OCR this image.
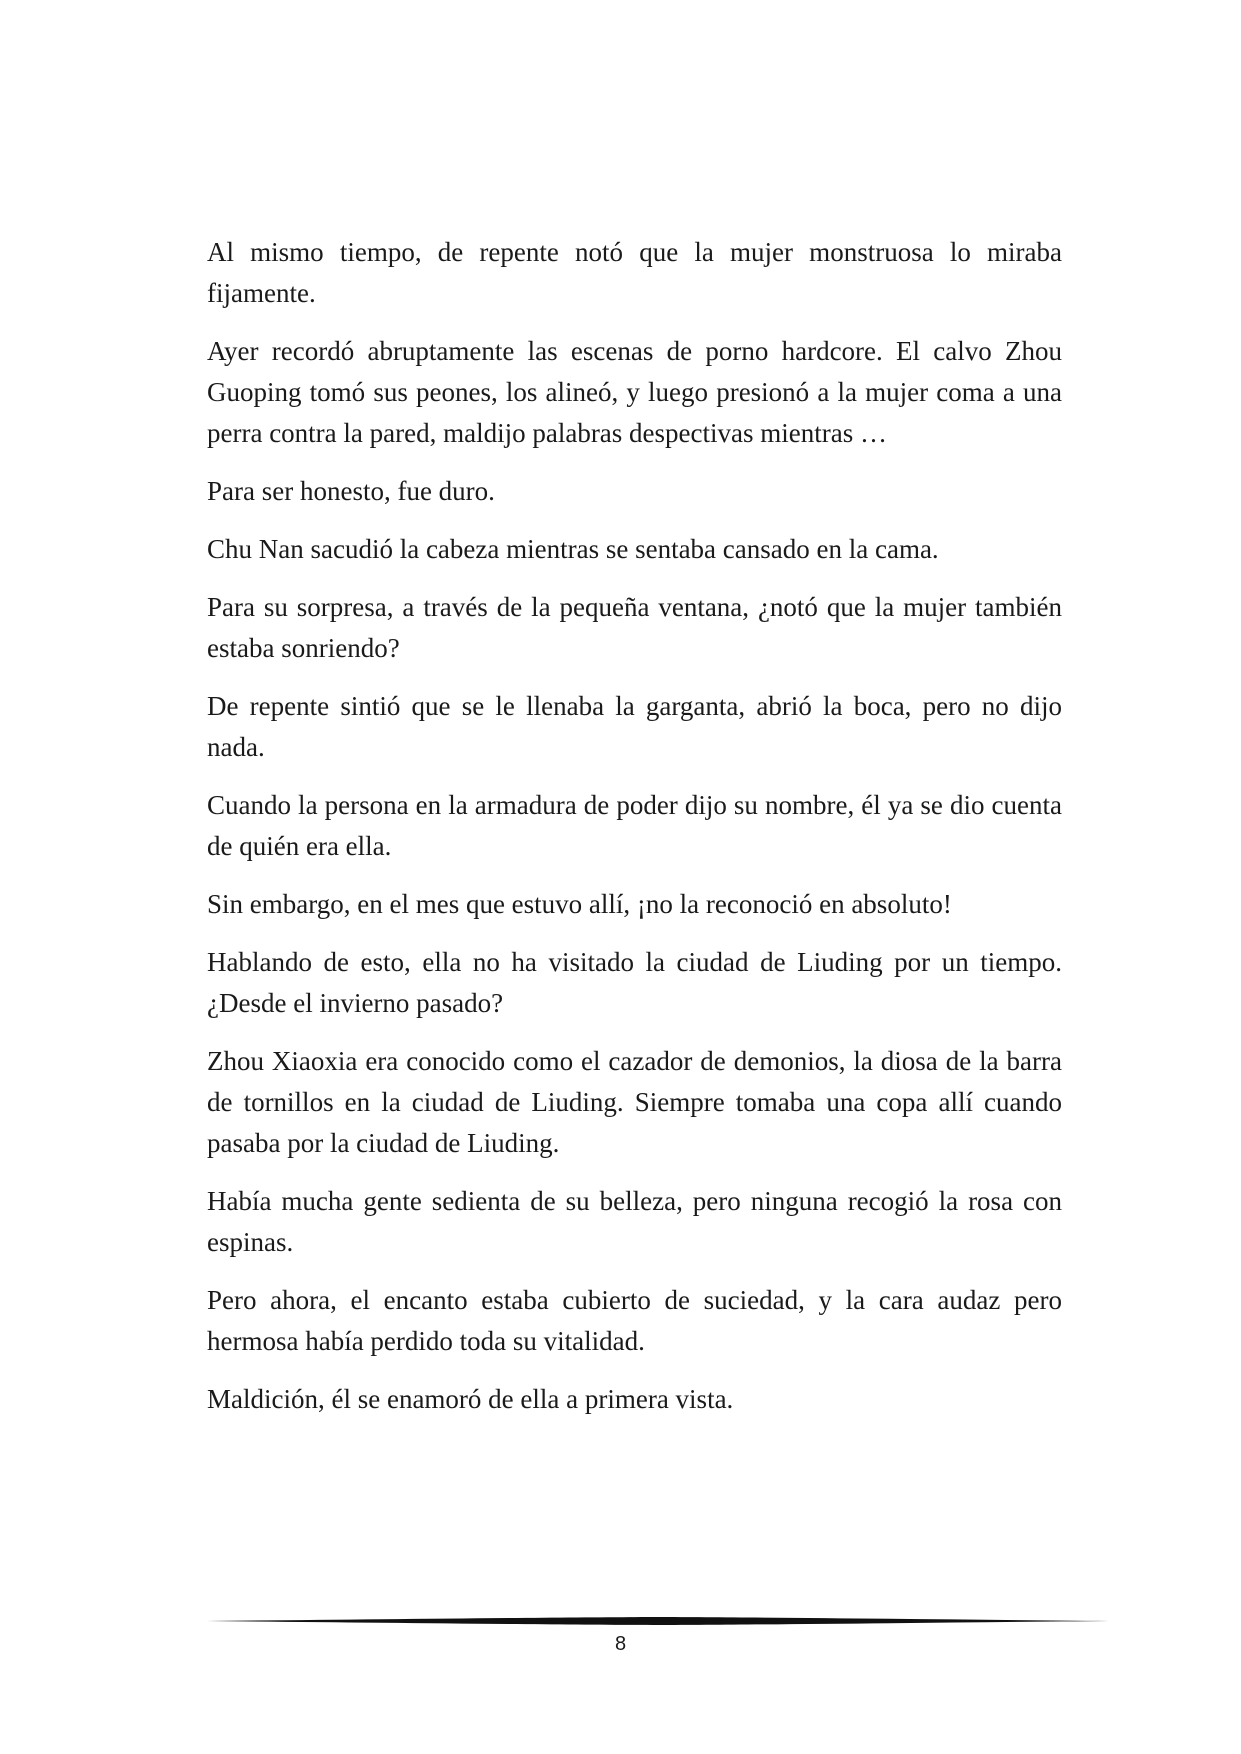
Al mismo tiempo, de repente notó que la mujer monstruosa lo miraba fijamente.

Ayer recordó abruptamente las escenas de porno hardcore. El calvo Zhou Guoping tomó sus peones, los alineó, y luego presionó a la mujer coma a una perra contra la pared, maldijo palabras despectivas mientras …

Para ser honesto, fue duro.

Chu Nan sacudió la cabeza mientras se sentaba cansado en la cama.

Para su sorpresa, a través de la pequeña ventana, ¿notó que la mujer también estaba sonriendo?

De repente sintió que se le llenaba la garganta, abrió la boca, pero no dijo nada.

Cuando la persona en la armadura de poder dijo su nombre, él ya se dio cuenta de quién era ella.

Sin embargo, en el mes que estuvo allí, ¡no la reconoció en absoluto!

Hablando de esto, ella no ha visitado la ciudad de Liuding por un tiempo. ¿Desde el invierno pasado?

Zhou Xiaoxia era conocido como el cazador de demonios, la diosa de la barra de tornillos en la ciudad de Liuding. Siempre tomaba una copa allí cuando pasaba por la ciudad de Liuding.

Había mucha gente sedienta de su belleza, pero ninguna recogió la rosa con espinas.

Pero ahora, el encanto estaba cubierto de suciedad, y la cara audaz pero hermosa había perdido toda su vitalidad.

Maldición, él se enamoró de ella a primera vista.

8
